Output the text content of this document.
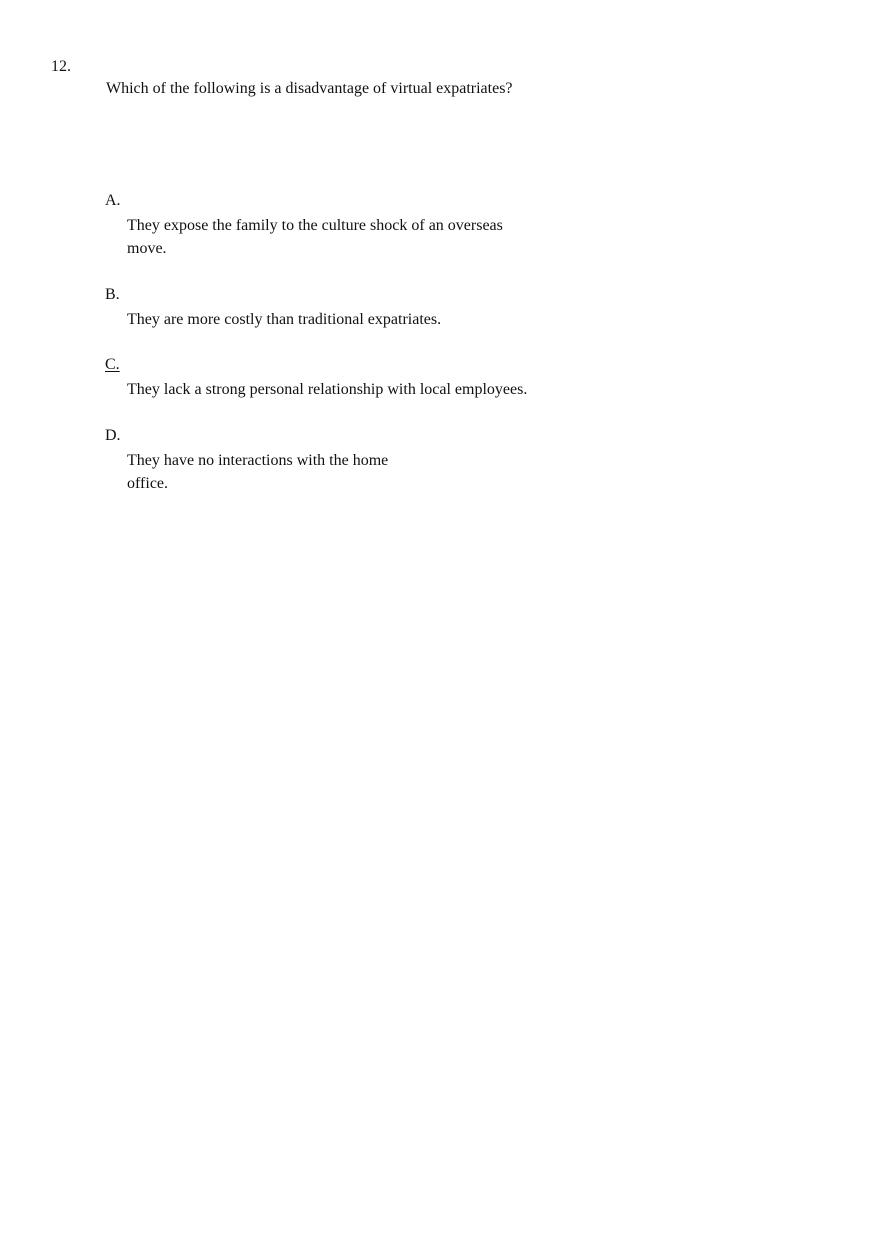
12.
Which of the following is a disadvantage of virtual expatriates?
A.
They expose the family to the culture shock of an overseas move.
B.
They are more costly than traditional expatriates.
C.
They lack a strong personal relationship with local employees.
D.
They have no interactions with the home office.
